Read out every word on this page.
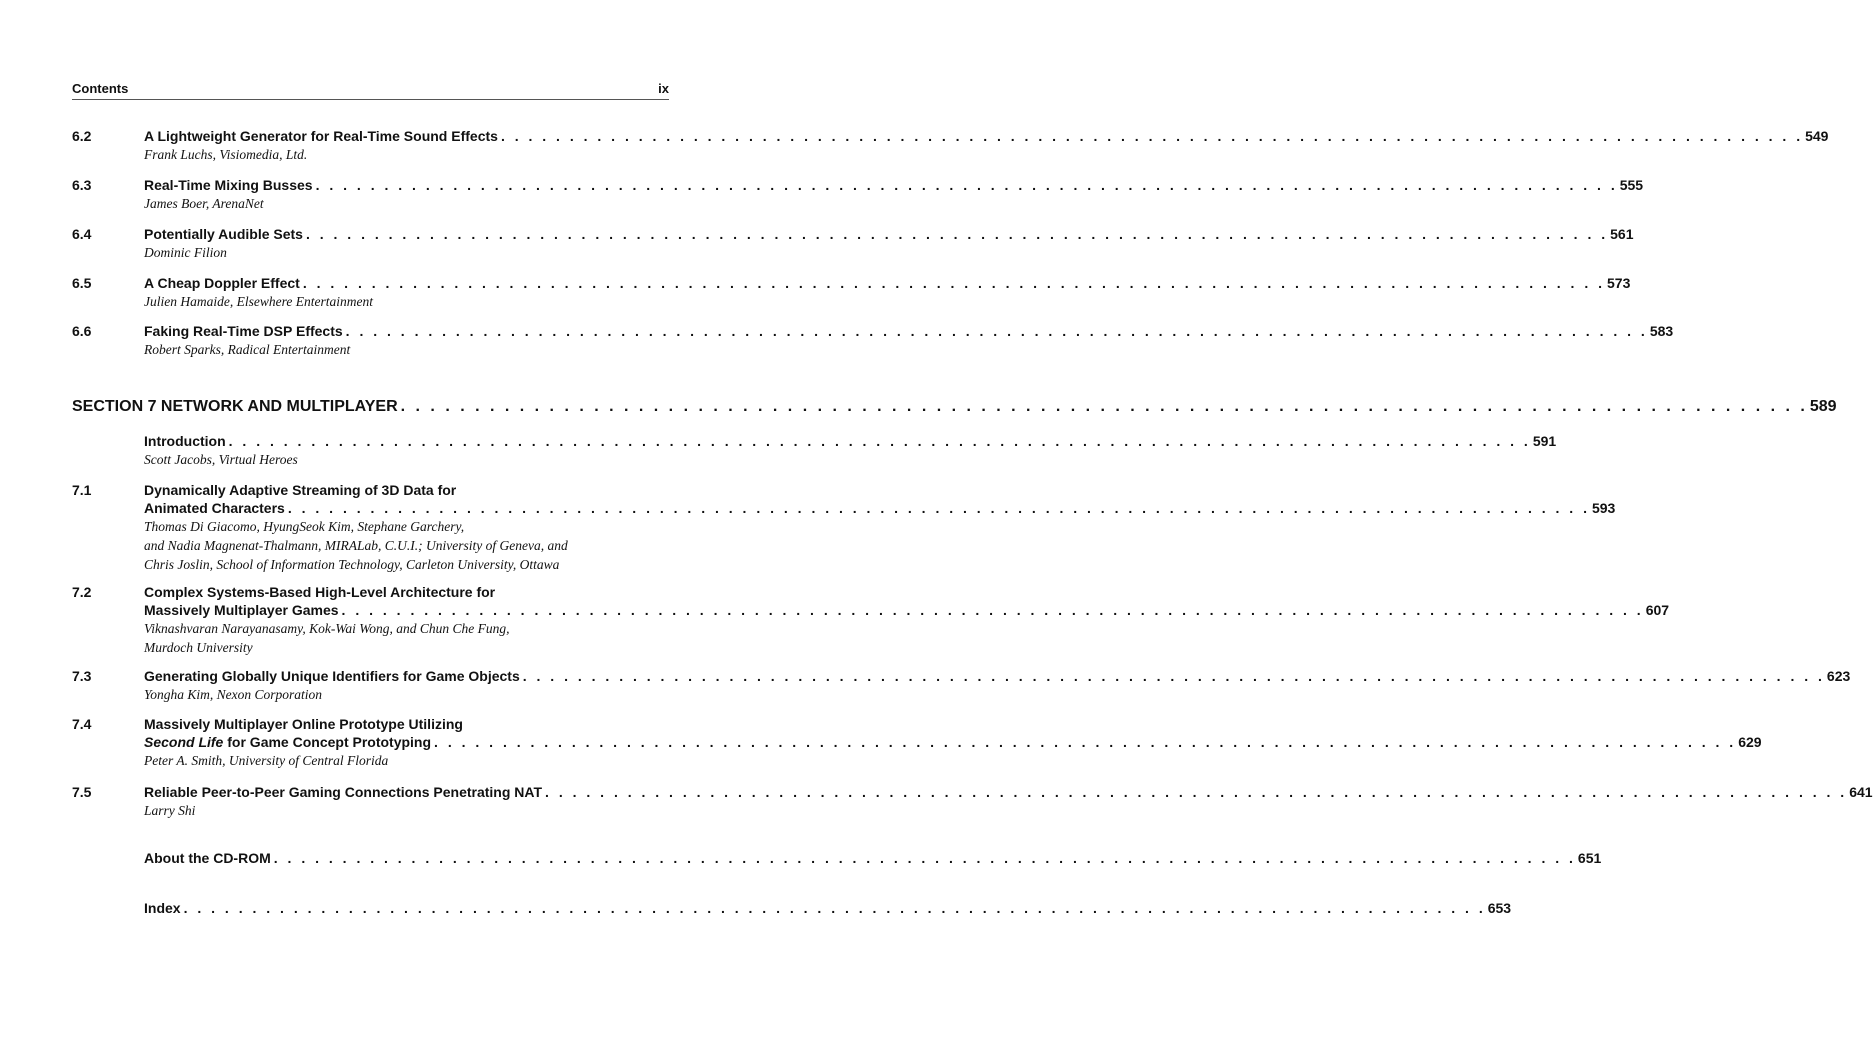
Contents	ix
6.2	A Lightweight Generator for Real-Time Sound Effects . . . . . . . . . . . . . . . . . . . . . . . . . . . . . . . . . . . . . . . . . . . . . . . . . . . . . . . . . . . . . . . . . . . . . . . . . . . . . . . . . . . . . . . . . . . . . . . 549
Frank Luchs, Visiomedia, Ltd.
6.3	Real-Time Mixing Busses . . . . . . . . . . . . . . . . . . . . . . . . . . . . . . . . . . . . . . . . . . . . . . . . . . . . . . . . . . . . . . . . . . . . . . . . . . . . . . . . . . . . . . . . . . . . . . . 555
James Boer, ArenaNet
6.4	Potentially Audible Sets . . . . . . . . . . . . . . . . . . . . . . . . . . . . . . . . . . . . . . . . . . . . . . . . . . . . . . . . . . . . . . . . . . . . . . . . . . . . . . . . . . . . . . . . . . . . . . . 561
Dominic Filion
6.5	A Cheap Doppler Effect . . . . . . . . . . . . . . . . . . . . . . . . . . . . . . . . . . . . . . . . . . . . . . . . . . . . . . . . . . . . . . . . . . . . . . . . . . . . . . . . . . . . . . . . . . . . . . . 573
Julien Hamaide, Elsewhere Entertainment
6.6	Faking Real-Time DSP Effects . . . . . . . . . . . . . . . . . . . . . . . . . . . . . . . . . . . . . . . . . . . . . . . . . . . . . . . . . . . . . . . . . . . . . . . . . . . . . . . . . . . . . . . . . . . . . . . 583
Robert Sparks, Radical Entertainment
SECTION 7 NETWORK AND MULTIPLAYER . . . . . . . . . . . . . . . . . . . . . . . . . . . . . . . . . . . . . . . . . . . . . . . . . . . . . . . . . . . . . . . . . . . . . . . . . . . . . . . . . . . . . . . . . . . . . . . 589
Introduction . . . . . . . . . . . . . . . . . . . . . . . . . . . . . . . . . . . . . . . . . . . . . . . . . . . . . . . . . . . . . . . . . . . . . . . . . . . . . . . . . . . . . . . . . . . . . . . 591
Scott Jacobs, Virtual Heroes
7.1	Dynamically Adaptive Streaming of 3D Data for
Animated Characters . . . . . . . . . . . . . . . . . . . . . . . . . . . . . . . . . . . . . . . . . . . . . . . . . . . . . . . . . . . . . . . . . . . . . . . . . . . . . . . . . . . . . . . . . . . . . . . 593
Thomas Di Giacomo, HyungSeok Kim, Stephane Garchery,
and Nadia Magnenat-Thalmann, MIRALab, C.U.I.; University of Geneva, and
Chris Joslin, School of Information Technology, Carleton University, Ottawa
7.2	Complex Systems-Based High-Level Architecture for
Massively Multiplayer Games . . . . . . . . . . . . . . . . . . . . . . . . . . . . . . . . . . . . . . . . . . . . . . . . . . . . . . . . . . . . . . . . . . . . . . . . . . . . . . . . . . . . . . . . . . . . . . . 607
Viknashvaran Narayanasamy, Kok-Wai Wong, and Chun Che Fung,
Murdoch University
7.3	Generating Globally Unique Identifiers for Game Objects . . . . . . . . . . . . . . . . . . . . . . . . . . . . . . . . . . . . . . . . . . . . . . . . . . . . . . . . . . . . . . . . . . . . . . . . . . . . . . . . . . . . . . . . . . . . . . . 623
Yongha Kim, Nexon Corporation
7.4	Massively Multiplayer Online Prototype Utilizing
Second Life for Game Concept Prototyping . . . . . . . . . . . . . . . . . . . . . . . . . . . . . . . . . . . . . . . . . . . . . . . . . . . . . . . . . . . . . . . . . . . . . . . . . . . . . . . . . . . . . . . . . . . . . . . 629
Peter A. Smith, University of Central Florida
7.5	Reliable Peer-to-Peer Gaming Connections Penetrating NAT . . . . . . . . . . . . . . . . . . . . . . . . . . . . . . . . . . . . . . . . . . . . . . . . . . . . . . . . . . . . . . . . . . . . . . . . . . . . . . . . . . . . . . . . . . . . . . . 641
Larry Shi
About the CD-ROM . . . . . . . . . . . . . . . . . . . . . . . . . . . . . . . . . . . . . . . . . . . . . . . . . . . . . . . . . . . . . . . . . . . . . . . . . . . . . . . . . . . . . . . . . . . . . . . 651
Index . . . . . . . . . . . . . . . . . . . . . . . . . . . . . . . . . . . . . . . . . . . . . . . . . . . . . . . . . . . . . . . . . . . . . . . . . . . . . . . . . . . . . . . . . . . . . . . 653
